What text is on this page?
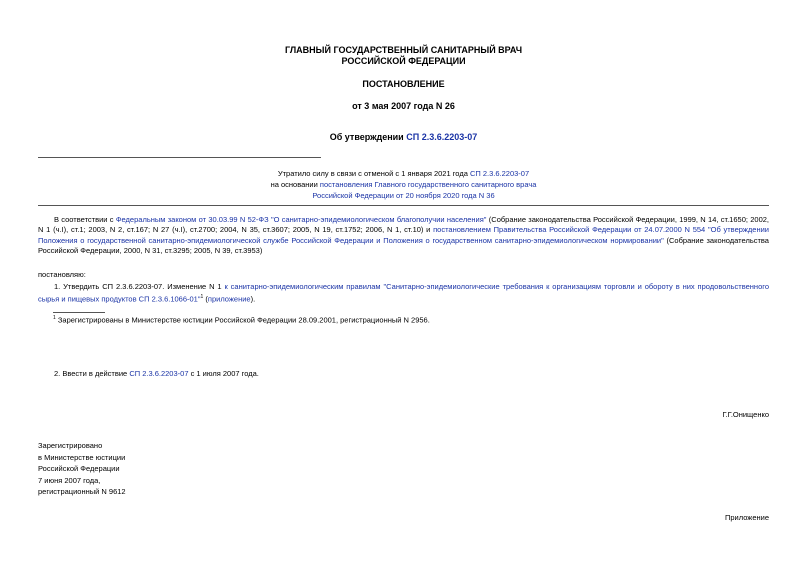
ГЛАВНЫЙ ГОСУДАРСТВЕННЫЙ САНИТАРНЫЙ ВРАЧ
РОССИЙСКОЙ ФЕДЕРАЦИИ
ПОСТАНОВЛЕНИЕ
от 3 мая 2007 года N 26
Об утверждении СП 2.3.6.2203-07
Утратило силу в связи с отменой с 1 января 2021 года СП 2.3.6.2203-07
на основании постановления Главного государственного санитарного врача
Российской Федерации от 20 ноября 2020 года N 36
В соответствии с Федеральным законом от 30.03.99 N 52-ФЗ "О санитарно-эпидемиологическом благополучии населения" (Собрание законодательства Российской Федерации, 1999, N 14, ст.1650; 2002, N 1 (ч.I), ст.1; 2003, N 2, ст.167; N 27 (ч.I), ст.2700; 2004, N 35, ст.3607; 2005, N 19, ст.1752; 2006, N 1, ст.10) и постановлением Правительства Российской Федерации от 24.07.2000 N 554 "Об утверждении Положения о государственной санитарно-эпидемиологической службе Российской Федерации и Положения о государственном санитарно-эпидемиологическом нормировании" (Собрание законодательства Российской Федерации, 2000, N 31, ст.3295; 2005, N 39, ст.3953)
постановляю:
1. Утвердить СП 2.3.6.2203-07. Изменение N 1 к санитарно-эпидемиологическим правилам "Санитарно-эпидемиологические требования к организациям торговли и обороту в них продовольственного сырья и пищевых продуктов СП 2.3.6.1066-01"$^1$ (приложение).
$^1$ Зарегистрированы в Министерстве юстиции Российской Федерации 28.09.2001, регистрационный N 2956.
2. Ввести в действие СП 2.3.6.2203-07 с 1 июля 2007 года.
Г.Г.Онищенко
Зарегистрировано
в Министерстве юстиции
Российской Федерации
7 июня 2007 года,
регистрационный N 9612
Приложение
